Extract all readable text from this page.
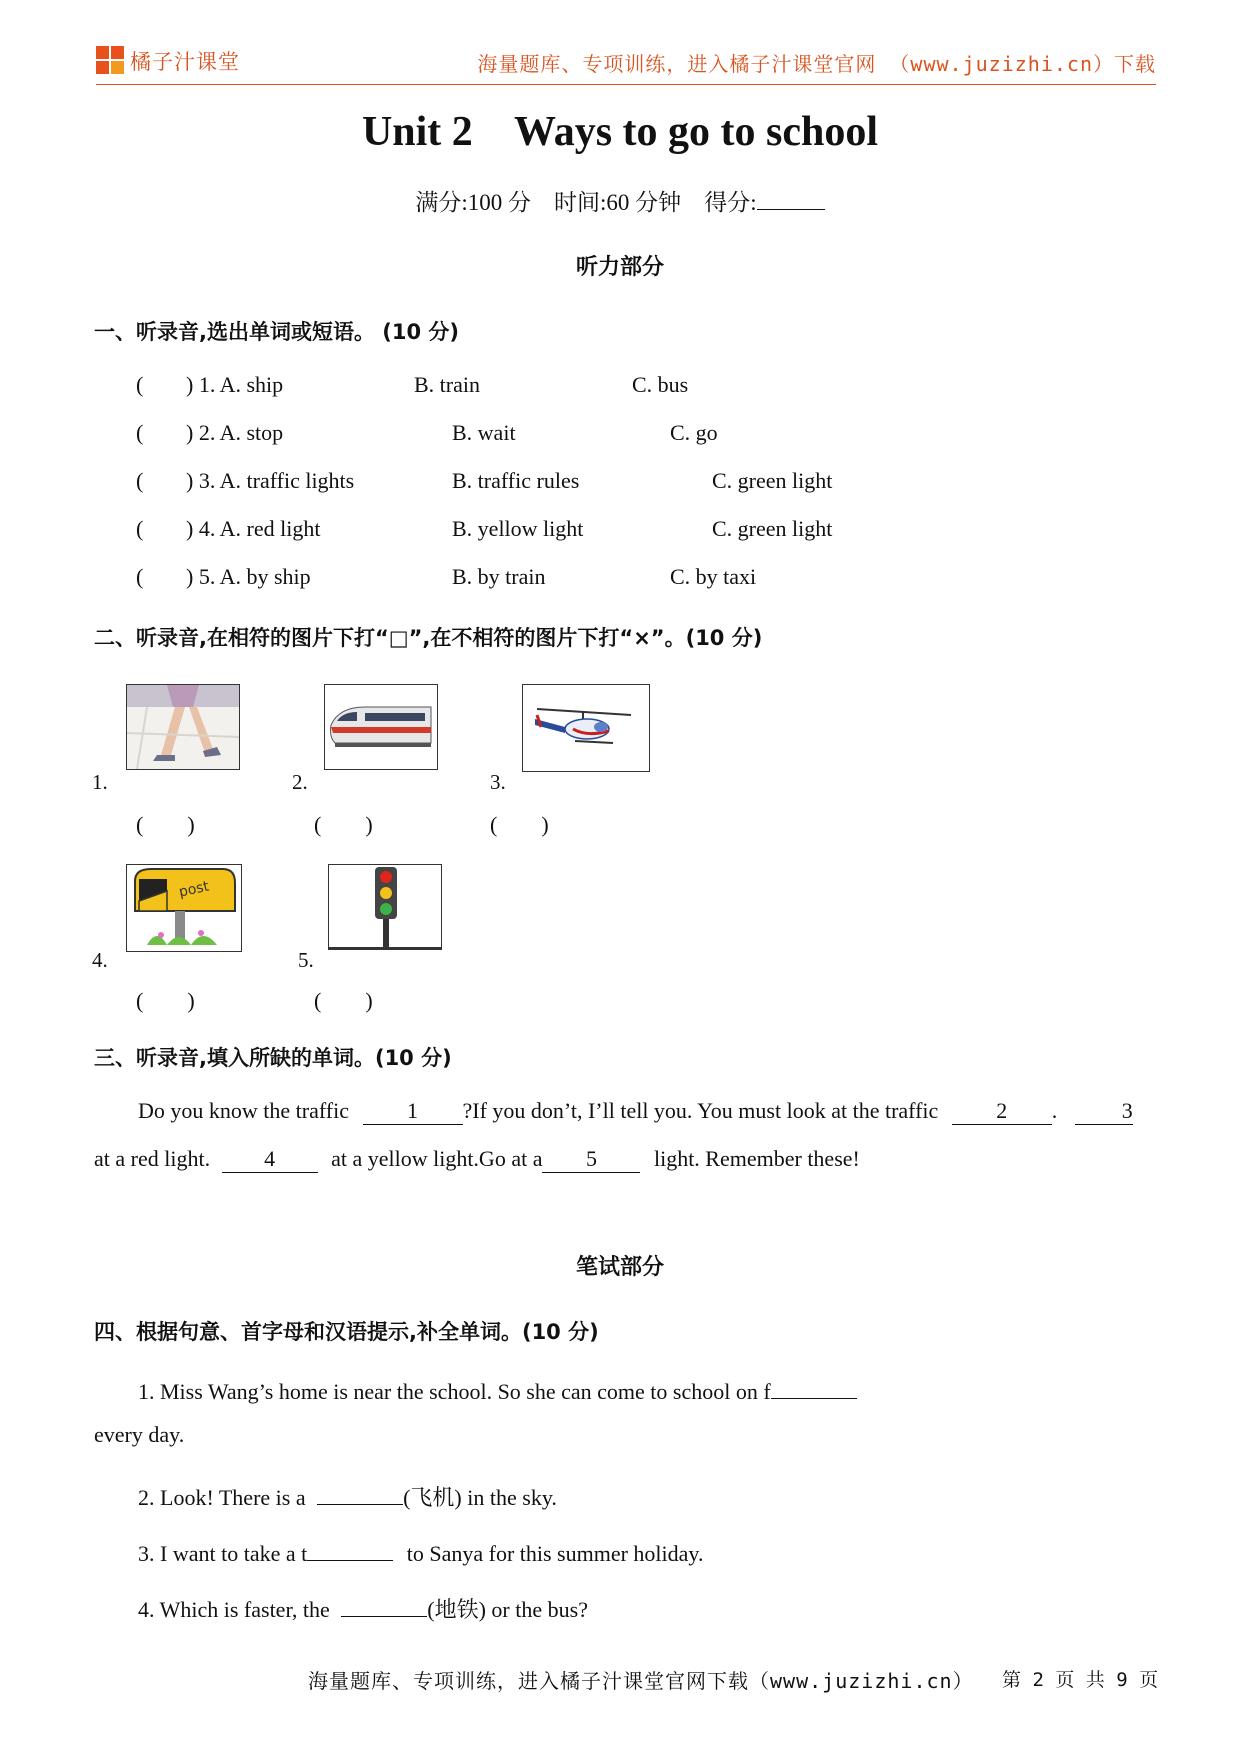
橘子汁课堂	海量题库、专项训练，进入橘子汁课堂官网 （www.juzizhi.cn）下载
Unit 2    Ways to go to school
满分:100 分 时间:60 分钟 得分:
听力部分
一、听录音,选出单词或短语。 (10 分)
( ) 1. A. ship	B. train	C. bus
( ) 2. A. stop	B. wait	C. go
( ) 3. A. traffic lights	B. traffic rules	C. green light
( ) 4. A. red light	B. yellow light	C. green light
( ) 5. A. by ship	B. by train	C. by taxi
二、听录音,在相符的图片下打“□”,在不相符的图片下打“×”。(10 分)
1.	2.	3.
(        )	(        )	(        )
post
4.	5.
(        )	(        )
三、听录音,填入所缺的单词。(10 分)
Do you know the traffic	1 ?If you don’t, I’ll tell you. You must look at the traffic	2 .	3
at a red light. 4	at a yellow light.Go at a 5	light. Remember these!
笔试部分
四、根据句意、首字母和汉语提示,补全单词。(10 分)
1. Miss Wang’s home is near the school. So she can come to school on f
every day.
2. Look! There is a	(飞机) in the sky.
3. I want to take a t	to Sanya for this summer holiday.
4. Which is faster, the	(地铁) or the bus?
海量题库、专项训练，进入橘子汁课堂官网下载（www.juzizhi.cn） 第 2 页 共 9 页
